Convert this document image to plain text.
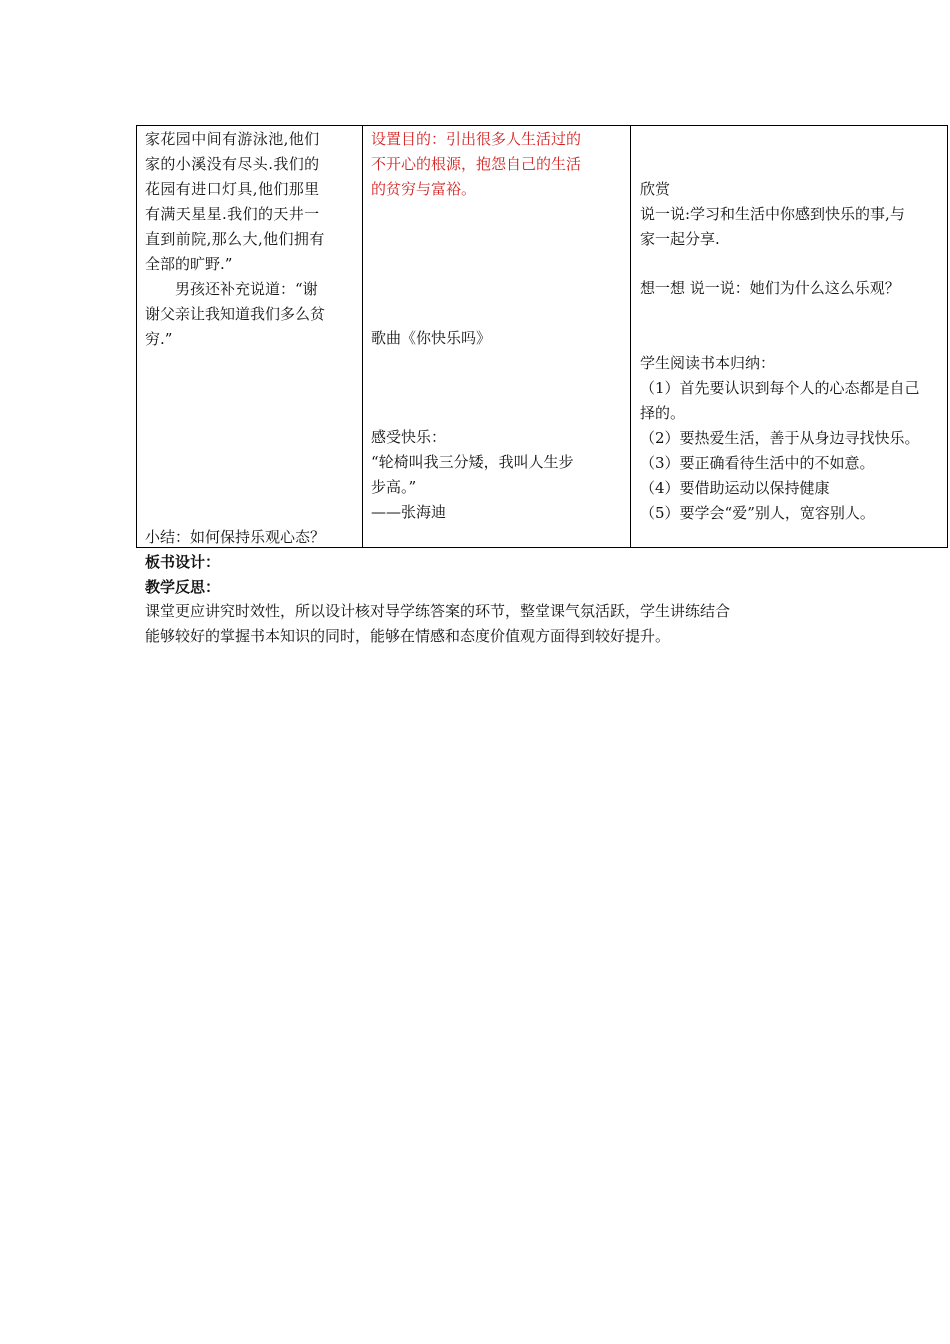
家花园中间有游泳池,他们
家的小溪没有尽头.我们的
花园有进口灯具,他们那里
有满天星星.我们的天井一
直到前院,那么大,他们拥有
全部的旷野.”
男孩还补充说道：“谢
谢父亲让我知道我们多么贫
穷.”
小结：如何保持乐观心态？
设置目的：引出很多人生活过的
不开心的根源，抱怨自己的生活
的贫穷与富裕。
歌曲《你快乐吗》
感受快乐：
“轮椅叫我三分矮，我叫人生步
步高。”
——张海迪
欣赏
说一说:学习和生活中你感到快乐的事,与
家一起分享.
想一想 说一说：她们为什么这么乐观？
学生阅读书本归纳：
（1）首先要认识到每个人的心态都是自己
择的。
（2）要热爱生活，善于从身边寻找快乐。
（3）要正确看待生活中的不如意。
（4）要借助运动以保持健康
（5）要学会“爱”别人，宽容别人。
板书设计：
教学反思：
课堂更应讲究时效性，所以设计核对导学练答案的环节，整堂课气氛活跃，学生讲练结合
能够较好的掌握书本知识的同时，能够在情感和态度价值观方面得到较好提升。
